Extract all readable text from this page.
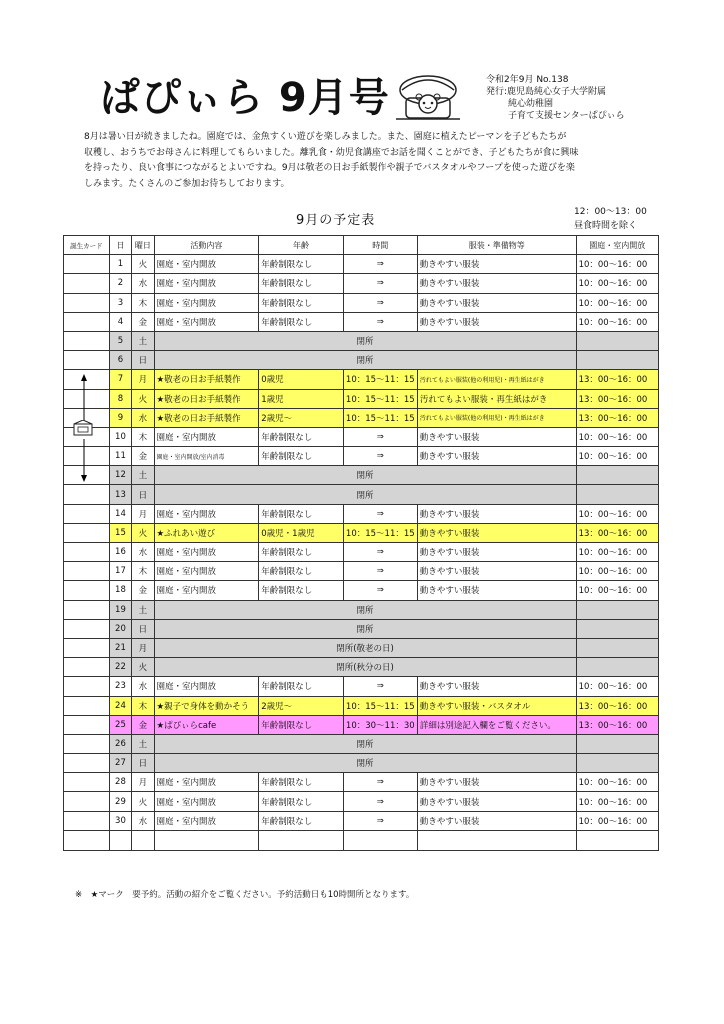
ぱぴぃら 9月号	令和2年9月 No.138
発行:鹿児島純心女子大学附属
純心幼稚園
子育て支援センターぱぴぃら
8月は暑い日が続きましたね。園庭では、金魚すくい遊びを楽しみました。また、園庭に植えたピーマンを子どもたちが
収穫し、おうちでお母さんに料理してもらいました。離乳食・幼児食講座でお話を聞くことができ、子どもたちが食に興味
を持ったり、良い食事につながるとよいですね。9月は敬老の日お手紙製作や親子でバスタオルやフープを使った遊びを楽
しみます。たくさんのご参加お待ちしております。
9月の予定表
12：00～13：00
昼食時間を除く
誕生カード	日	曜日	活動内容	年齢	時間	服装・準備物等	園庭・室内開放
	1	火	園庭・室内開放	年齢制限なし	⇒	動きやすい服装	10：00～16：00
	2	水	園庭・室内開放	年齢制限なし	⇒	動きやすい服装	10：00～16：00
	3	木	園庭・室内開放	年齢制限なし	⇒	動きやすい服装	10：00～16：00
	4	金	園庭・室内開放	年齢制限なし	⇒	動きやすい服装	10：00～16：00
	5	土	閉所				
	6	日	閉所				
	7	月	★敬老の日お手紙製作	0歳児	10：15～11：15	汚れてもよい服装(他の利用児)・再生紙はがき	13：00～16：00
	8	火	★敬老の日お手紙製作	1歳児	10：15～11：15	汚れてもよい服装・再生紙はがき	13：00～16：00
	9	水	★敬老の日お手紙製作	2歳児～	10：15～11：15	汚れてもよい服装(他の利用児)・再生紙はがき	13：00～16：00
	10	木	園庭・室内開放	年齢制限なし	⇒	動きやすい服装	10：00～16：00
	11	金	園庭・室内開放/室内消毒	年齢制限なし	⇒	動きやすい服装	10：00～16：00
	12	土	閉所				
	13	日	閉所				
	14	月	園庭・室内開放	年齢制限なし	⇒	動きやすい服装	10：00～16：00
	15	火	★ふれあい遊び	0歳児・1歳児	10：15～11：15	動きやすい服装	13：00～16：00
	16	水	園庭・室内開放	年齢制限なし	⇒	動きやすい服装	10：00～16：00
	17	木	園庭・室内開放	年齢制限なし	⇒	動きやすい服装	10：00～16：00
	18	金	園庭・室内開放	年齢制限なし	⇒	動きやすい服装	10：00～16：00
	19	土	閉所				
	20	日	閉所				
	21	月	閉所(敬老の日)				
	22	火	閉所(秋分の日)				
	23	水	園庭・室内開放	年齢制限なし	⇒	動きやすい服装	10：00～16：00
	24	木	★親子で身体を動かそう	2歳児～	10：15～11：15	動きやすい服装・バスタオル	13：00～16：00
	25	金	★ぱぴぃらcafe	年齢制限なし	10：30～11：30	詳細は別途記入欄をご覧ください。	13：00～16：00
	26	土	閉所				
	27	日	閉所				
	28	月	園庭・室内開放	年齢制限なし	⇒	動きやすい服装	10：00～16：00
	29	火	園庭・室内開放	年齢制限なし	⇒	動きやすい服装	10：00～16：00
	30	水	園庭・室内開放	年齢制限なし	⇒	動きやすい服装	10：00～16：00

※　★マーク　要予約。活動の紹介をご覧ください。予約活動日も10時開所となります。
